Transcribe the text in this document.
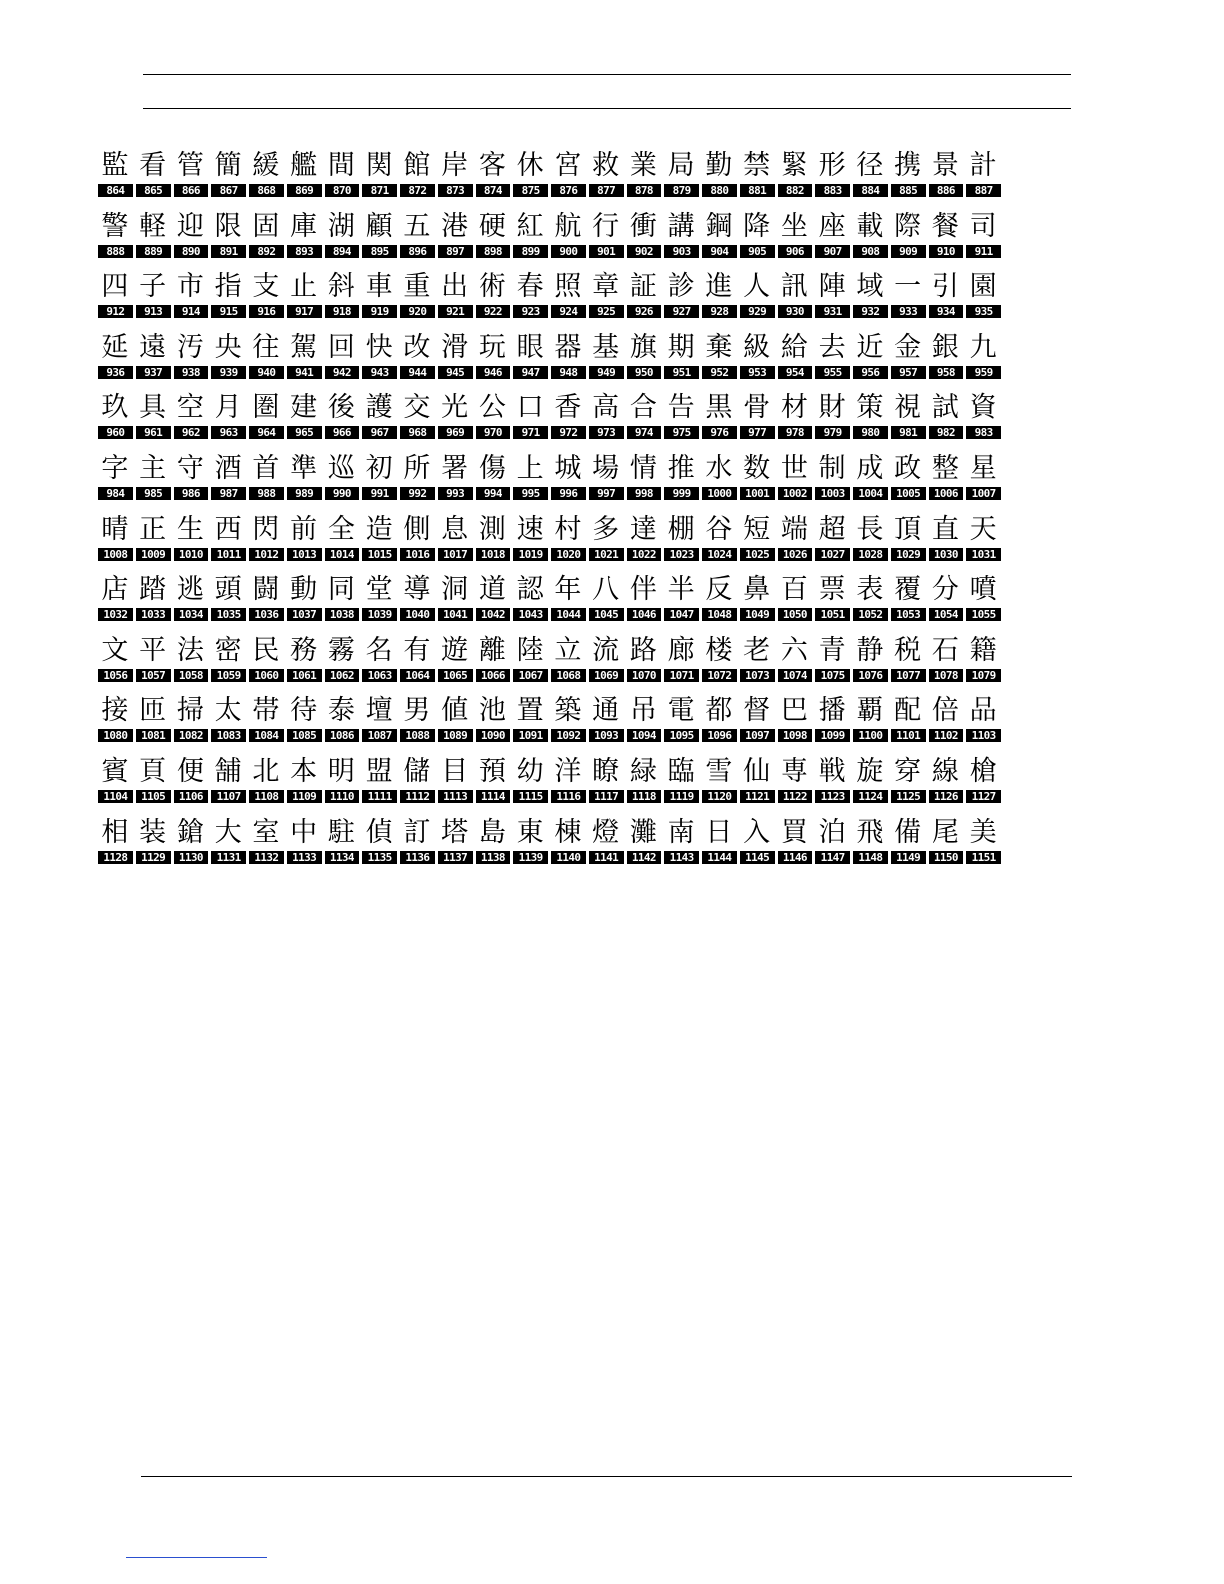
監
864
看
865
管
866
簡
867
緩
868
艦
869
間
870
関
871
館
872
岸
873
客
874
休
875
宮
876
救
877
業
878
局
879
勤
880
禁
881
緊
882
形
883
径
884
携
885
景
886
計
887
警
888
軽
889
迎
890
限
891
固
892
庫
893
湖
894
顧
895
五
896
港
897
硬
898
紅
899
航
900
行
901
衝
902
講
903
鋼
904
降
905
坐
906
座
907
載
908
際
909
餐
910
司
911
四
912
子
913
市
914
指
915
支
916
止
917
斜
918
車
919
重
920
出
921
術
922
春
923
照
924
章
925
証
926
診
927
進
928
人
929
訊
930
陣
931
域
932
一
933
引
934
園
935
延
936
遠
937
汚
938
央
939
往
940
駕
941
回
942
快
943
改
944
滑
945
玩
946
眼
947
器
948
基
949
旗
950
期
951
棄
952
級
953
給
954
去
955
近
956
金
957
銀
958
九
959
玖
960
具
961
空
962
月
963
圏
964
建
965
後
966
護
967
交
968
光
969
公
970
口
971
香
972
高
973
合
974
告
975
黒
976
骨
977
材
978
財
979
策
980
視
981
試
982
資
983
字
984
主
985
守
986
酒
987
首
988
準
989
巡
990
初
991
所
992
署
993
傷
994
上
995
城
996
場
997
情
998
推
999
水
1000
数
1001
世
1002
制
1003
成
1004
政
1005
整
1006
星
1007
晴
1008
正
1009
生
1010
西
1011
閃
1012
前
1013
全
1014
造
1015
側
1016
息
1017
測
1018
速
1019
村
1020
多
1021
達
1022
棚
1023
谷
1024
短
1025
端
1026
超
1027
長
1028
頂
1029
直
1030
天
1031
店
1032
踏
1033
逃
1034
頭
1035
闘
1036
動
1037
同
1038
堂
1039
導
1040
洞
1041
道
1042
認
1043
年
1044
八
1045
伴
1046
半
1047
反
1048
鼻
1049
百
1050
票
1051
表
1052
覆
1053
分
1054
噴
1055
文
1056
平
1057
法
1058
密
1059
民
1060
務
1061
霧
1062
名
1063
有
1064
遊
1065
離
1066
陸
1067
立
1068
流
1069
路
1070
廊
1071
楼
1072
老
1073
六
1074
青
1075
静
1076
税
1077
石
1078
籍
1079
接
1080
匝
1081
掃
1082
太
1083
帯
1084
待
1085
泰
1086
壇
1087
男
1088
値
1089
池
1090
置
1091
築
1092
通
1093
吊
1094
電
1095
都
1096
督
1097
巴
1098
播
1099
覇
1100
配
1101
倍
1102
品
1103
賓
1104
頁
1105
便
1106
舗
1107
北
1108
本
1109
明
1110
盟
1111
儲
1112
目
1113
預
1114
幼
1115
洋
1116
瞭
1117
緑
1118
臨
1119
雪
1120
仙
1121
専
1122
戦
1123
旋
1124
穿
1125
線
1126
槍
1127
相
1128
装
1129
鎗
1130
大
1131
室
1132
中
1133
駐
1134
偵
1135
訂
1136
塔
1137
島
1138
東
1139
棟
1140
燈
1141
灘
1142
南
1143
日
1144
入
1145
買
1146
泊
1147
飛
1148
備
1149
尾
1150
美
1151
